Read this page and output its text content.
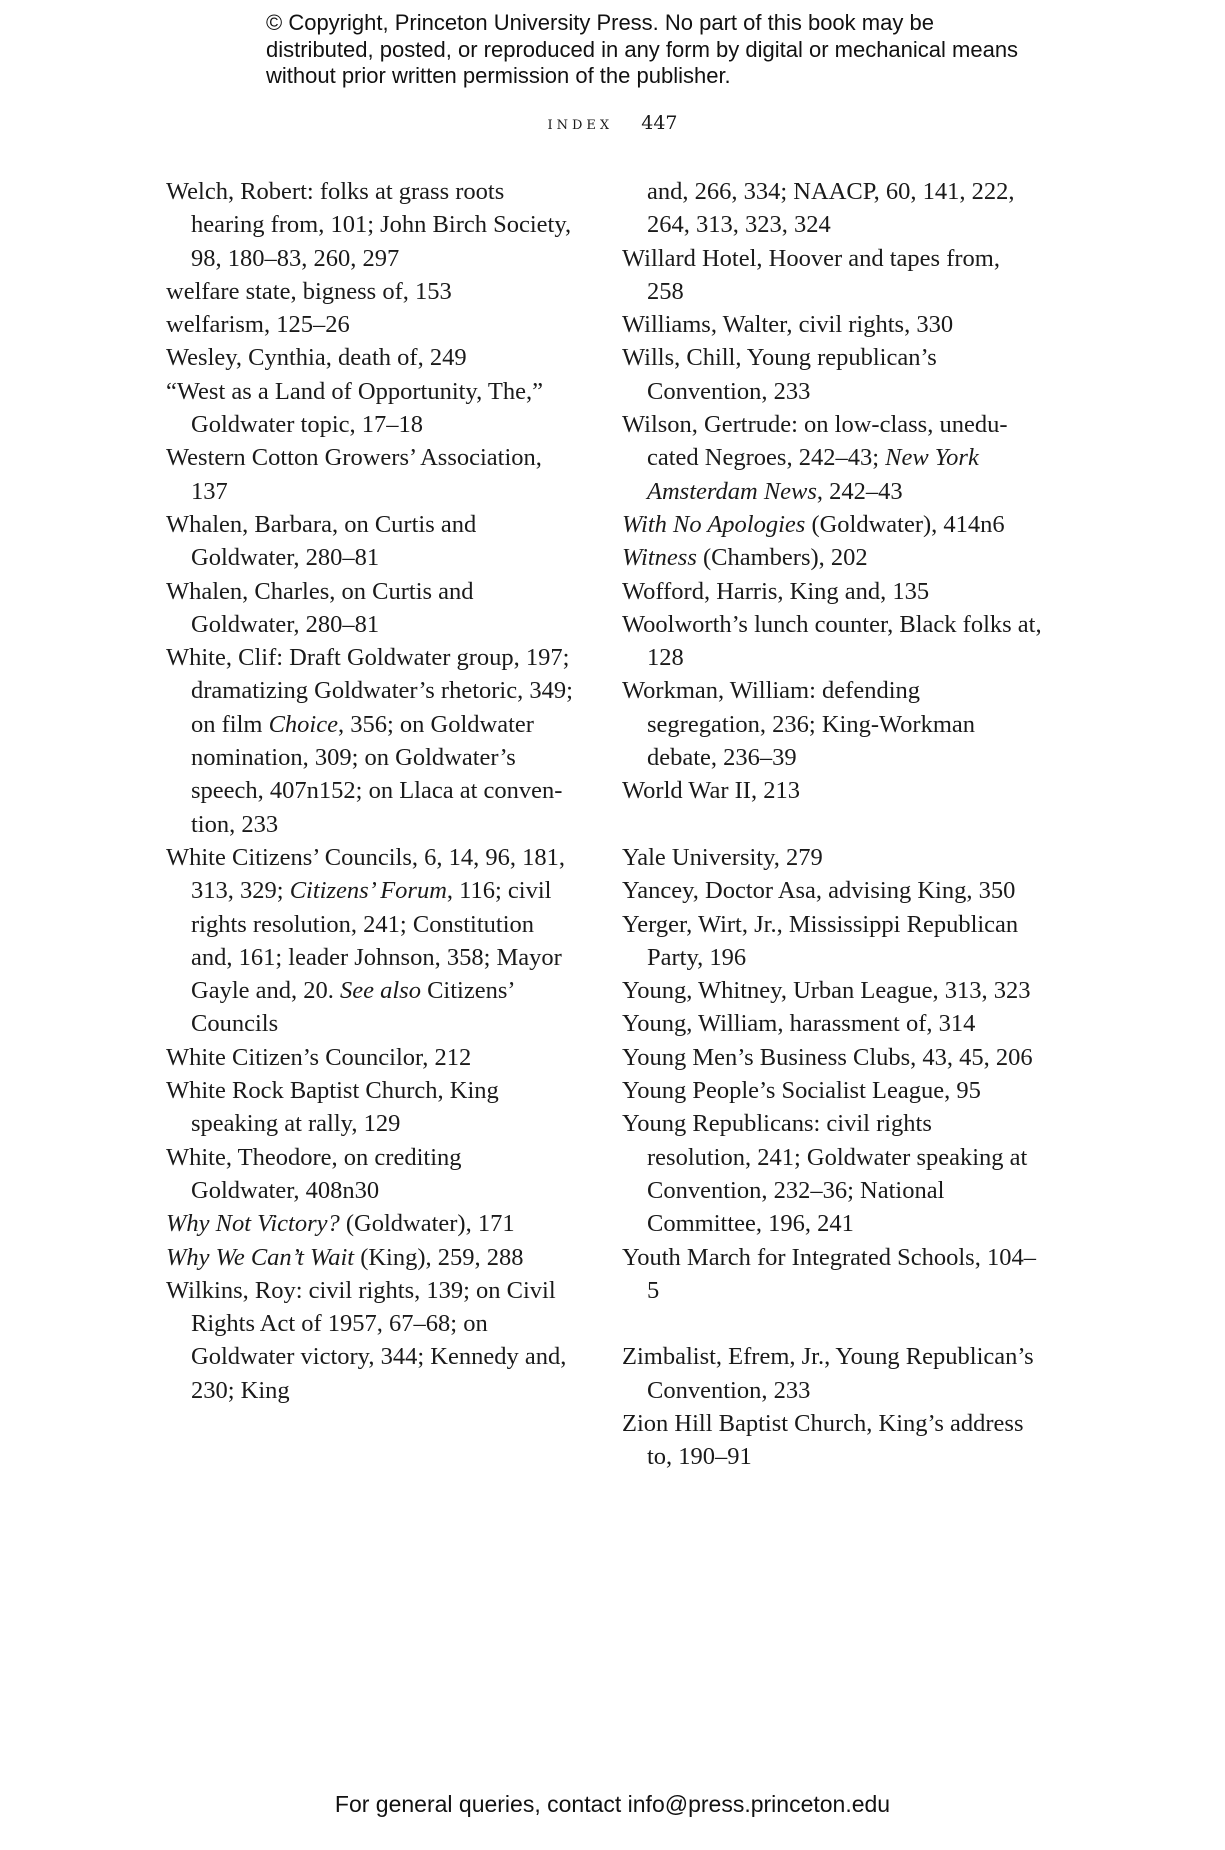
© Copyright, Princeton University Press. No part of this book may be distributed, posted, or reproduced in any form by digital or mechanical means without prior written permission of the publisher.
index 447

Welch, Robert: folks at grass roots hearing from, 101; John Birch Society, 98, 180–83, 260, 297

welfare state, bigness of, 153

welfarism, 125–26

Wesley, Cynthia, death of, 249

“West as a Land of Opportunity, The,” Goldwater topic, 17–18

Western Cotton Growers’ Association, 137

Whalen, Barbara, on Curtis and Goldwater, 280–81

Whalen, Charles, on Curtis and Goldwater, 280–81

White, Clif: Draft Goldwater group, 197; dramatizing Goldwater’s rhetoric, 349; on film Choice, 356; on Goldwater nomination, 309; on Goldwater’s speech, 407n152; on Llaca at convention, 233

White Citizens’ Councils, 6, 14, 96, 181, 313, 329; Citizens’ Forum, 116; civil rights resolution, 241; Constitution and, 161; leader Johnson, 358; Mayor Gayle and, 20. See also Citizens’ Councils

White Citizen’s Councilor, 212

White Rock Baptist Church, King speaking at rally, 129

White, Theodore, on crediting Goldwater, 408n30

Why Not Victory? (Goldwater), 171

Why We Can’t Wait (King), 259, 288

Wilkins, Roy: civil rights, 139; on Civil Rights Act of 1957, 67–68; on Goldwater victory, 344; Kennedy and, 230; King

and, 266, 334; NAACP, 60, 141, 222, 264, 313, 323, 324

Willard Hotel, Hoover and tapes from, 258

Williams, Walter, civil rights, 330

Wills, Chill, Young republican’s Convention, 233

Wilson, Gertrude: on low-class, uneducated Negroes, 242–43; New York Amsterdam News, 242–43

With No Apologies (Goldwater), 414n6

Witness (Chambers), 202

Wofford, Harris, King and, 135

Woolworth’s lunch counter, Black folks at, 128

Workman, William: defending segregation, 236; King-Workman debate, 236–39

World War II, 213

Yale University, 279

Yancey, Doctor Asa, advising King, 350

Yerger, Wirt, Jr., Mississippi Republican Party, 196

Young, Whitney, Urban League, 313, 323

Young, William, harassment of, 314

Young Men’s Business Clubs, 43, 45, 206

Young People’s Socialist League, 95

Young Republicans: civil rights resolution, 241; Goldwater speaking at Convention, 232–36; National Committee, 196, 241

Youth March for Integrated Schools, 104–5

Zimbalist, Efrem, Jr., Young Republican’s Convention, 233

Zion Hill Baptist Church, King’s address to, 190–91

For general queries, contact info@press.princeton.edu
